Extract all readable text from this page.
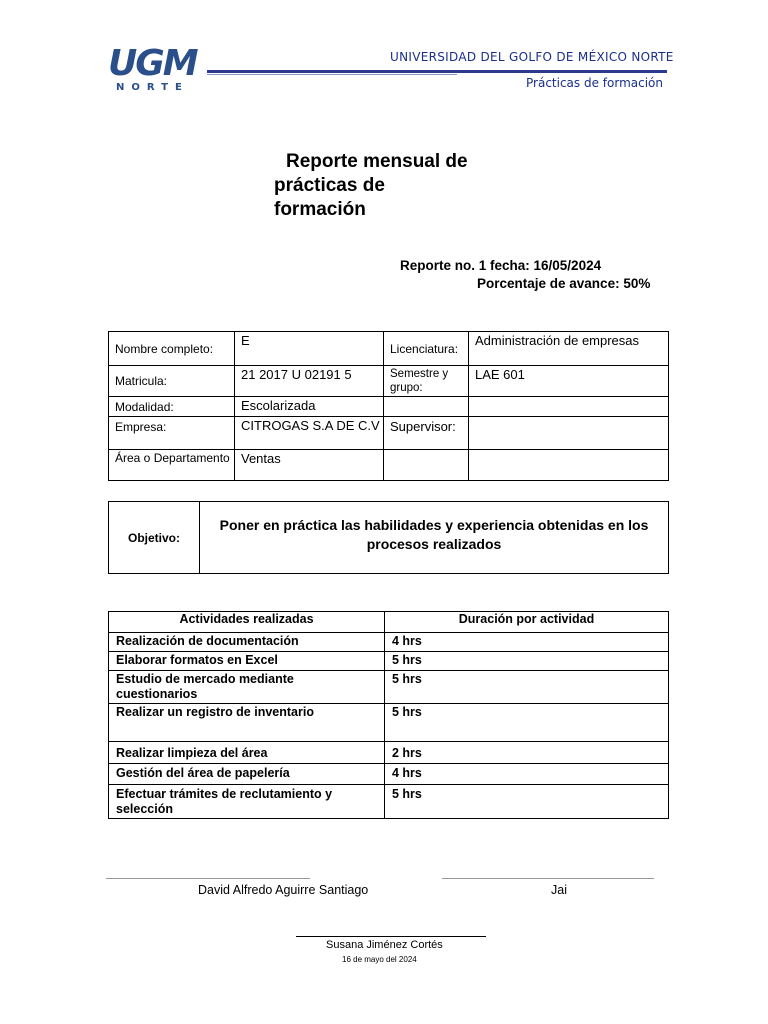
UGM
NORTE
UNIVERSIDAD DEL GOLFO DE MÉXICO NORTE
Prácticas de formación
Reporte mensual de
prácticas de
formación
Reporte no. 1 fecha: 16/05/2024
Porcentaje de avance: 50%
Nombre completo:	E	Licenciatura:	Administración de empresas
Matricula:	21 2017 U 02191 5	Semestre y grupo:	LAE 601
Modalidad:	Escolarizada		
Empresa:	CITROGAS S.A DE C.V	Supervisor:	
Área o Departamento	Ventas		
Objetivo:	Poner en práctica las habilidades y experiencia obtenidas en los procesos realizados
Actividades realizadas	Duración por actividad
Realización de documentación	4 hrs
Elaborar formatos en Excel	5 hrs
Estudio de mercado mediante cuestionarios	5 hrs
Realizar un registro de inventario	5 hrs
Realizar limpieza del área	2 hrs
Gestión del área de papelería	4 hrs
Efectuar trámites de reclutamiento y selección	5 hrs
David Alfredo Aguirre Santiago	Jai
Susana Jiménez Cortés
16 de mayo del 2024
